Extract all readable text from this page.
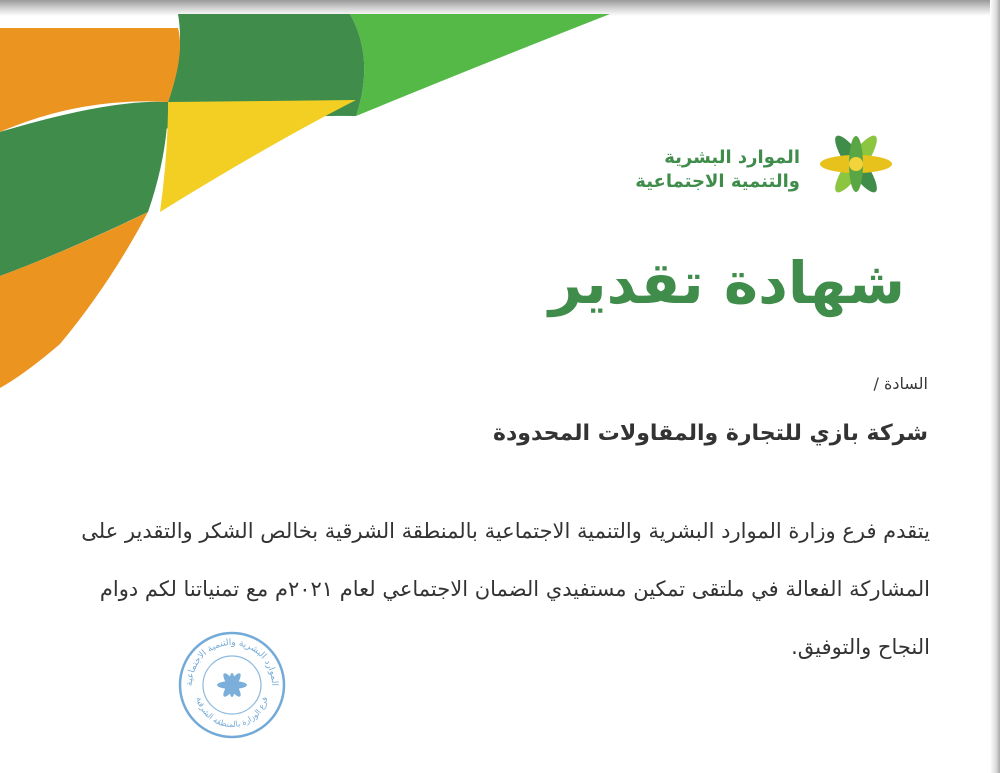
الموارد البشرية
والتنمية الاجتماعية
شهادة تقدير
السادة /
شركة بازي للتجارة والمقاولات المحدودة
يتقدم فرع وزارة الموارد البشرية والتنمية الاجتماعية بالمنطقة الشرقية بخالص الشكر والتقدير على
المشاركة الفعالة في ملتقى تمكين مستفيدي الضمان الاجتماعي لعام ٢٠٢١م مع تمنياتنا لكم دوام
النجاح والتوفيق.
الموارد البشرية والتنمية الاجتماعية
فرع الوزارة بالمنطقة الشرقية
